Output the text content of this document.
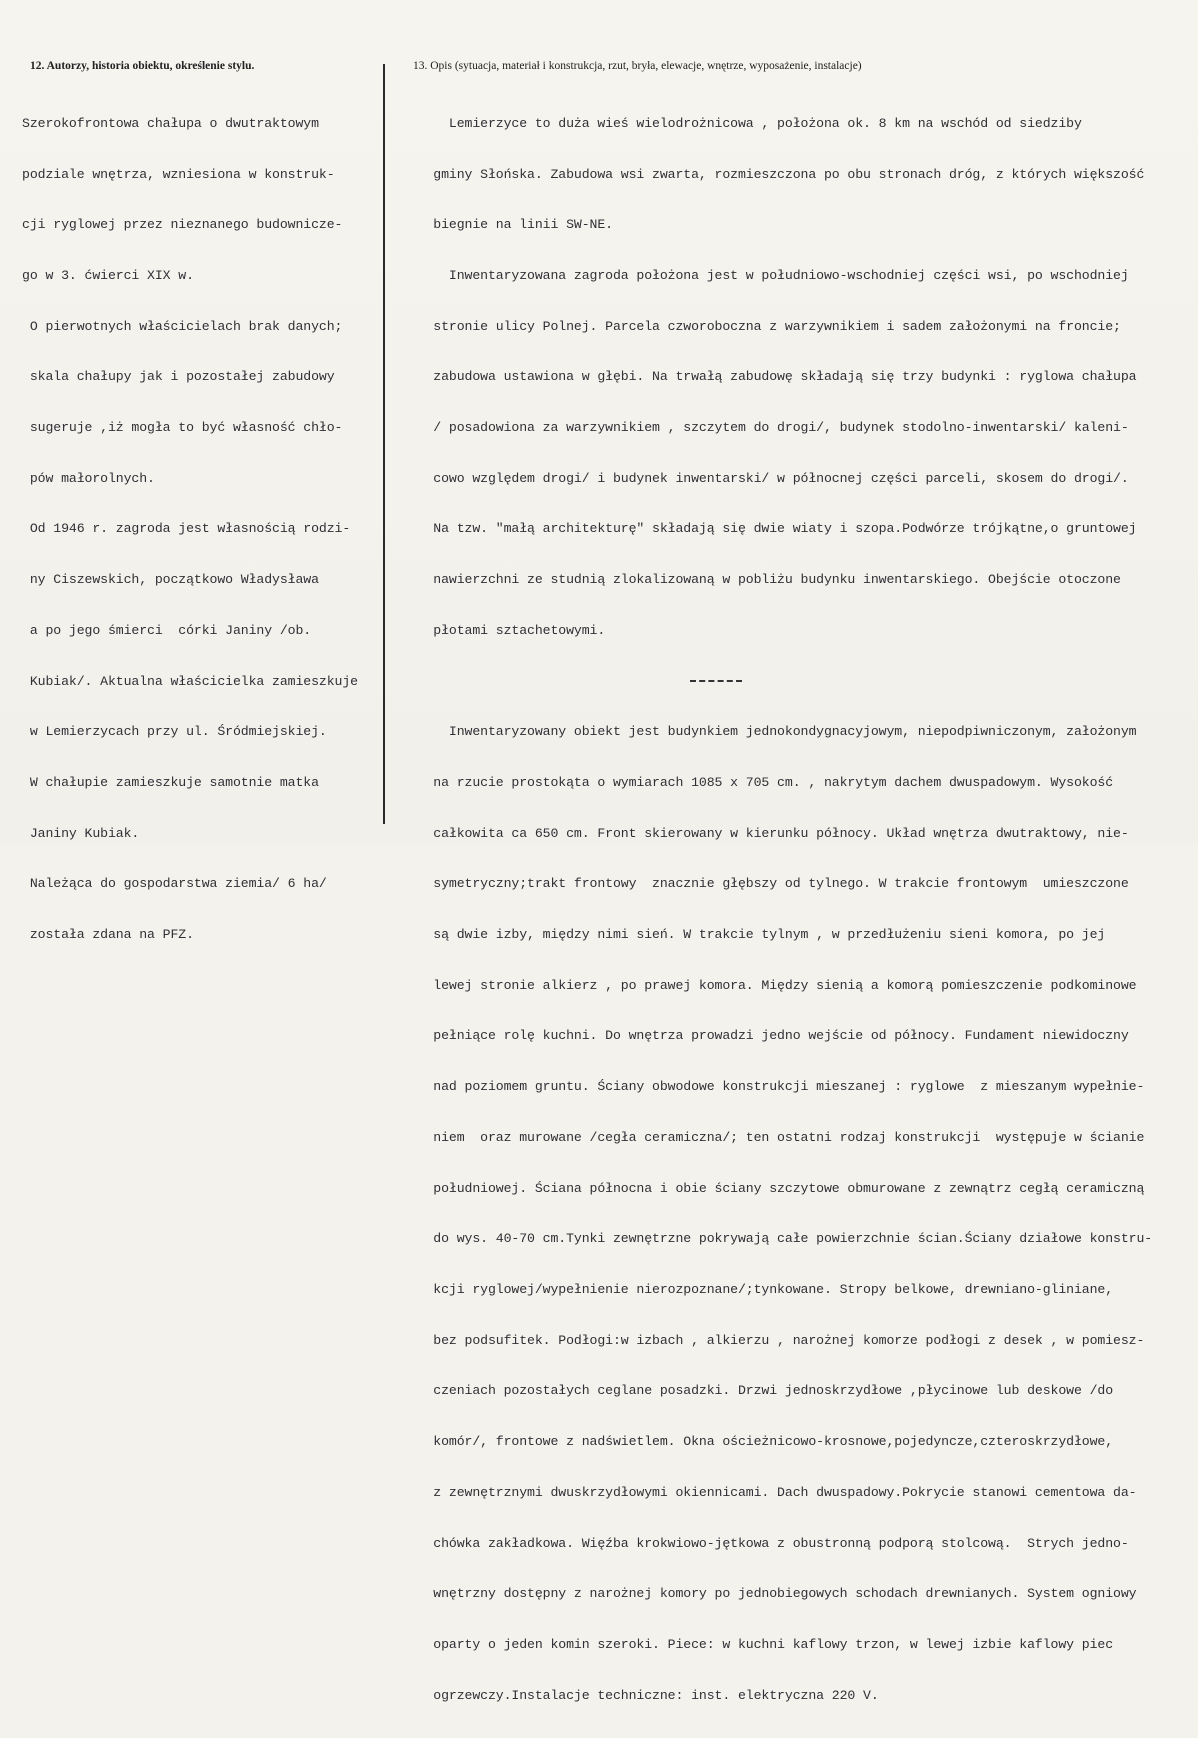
12. Autorzy, historia obiektu, określenie stylu.	13. Opis (sytuacja, materiał i konstrukcja, rzut, bryła, elewacje, wnętrze, wyposażenie, instalacje)

Szerokofrontowa chałupa o dwutraktowym

podziale wnętrza, wzniesiona w konstruk-

cji ryglowej przez nieznanego budownicze-

go w 3. ćwierci XIX w.

O pierwotnych właścicielach brak danych;

skala chałupy jak i pozostałej zabudowy

sugeruje ,iż mogła to być własność chło-

pów małorolnych.

Od 1946 r. zagroda jest własnością rodzi-

ny Ciszewskich, początkowo Władysława

a po jego śmierci  córki Janiny /ob.

Kubiak/. Aktualna właścicielka zamieszkuje

w Lemierzycach przy ul. Śródmiejskiej.

W chałupie zamieszkuje samotnie matka

Janiny Kubiak.

Należąca do gospodarstwa ziemia/ 6 ha/

została zdana na PFZ.

Lemierzyce to duża wieś wielodrożnicowa , położona ok. 8 km na wschód od siedziby

gminy Słońska. Zabudowa wsi zwarta, rozmieszczona po obu stronach dróg, z których większość

biegnie na linii SW-NE.

Inwentaryzowana zagroda położona jest w południowo-wschodniej części wsi, po wschodniej

stronie ulicy Polnej. Parcela czworoboczna z warzywnikiem i sadem założonymi na froncie;

zabudowa ustawiona w głębi. Na trwałą zabudowę składają się trzy budynki : ryglowa chałupa

/ posadowiona za warzywnikiem , szczytem do drogi/, budynek stodolno-inwentarski/ kaleni-

cowo względem drogi/ i budynek inwentarski/ w północnej części parceli, skosem do drogi/.

Na tzw. "małą architekturę" składają się dwie wiaty i szopa.Podwórze trójkątne,o gruntowej

nawierzchni ze studnią zlokalizowaną w pobliżu budynku inwentarskiego. Obejście otoczone

płotami sztachetowymi.

Inwentaryzowany obiekt jest budynkiem jednokondygnacyjowym, niepodpiwniczonym, założonym

na rzucie prostokąta o wymiarach 1085 x 705 cm. , nakrytym dachem dwuspadowym. Wysokość

całkowita ca 650 cm. Front skierowany w kierunku północy. Układ wnętrza dwutraktowy, nie-

symetryczny;trakt frontowy  znacznie głębszy od tylnego. W trakcie frontowym  umieszczone

są dwie izby, między nimi sień. W trakcie tylnym , w przedłużeniu sieni komora, po jej

lewej stronie alkierz , po prawej komora. Między sienią a komorą pomieszczenie podkominowe

pełniące rolę kuchni. Do wnętrza prowadzi jedno wejście od północy. Fundament niewidoczny

nad poziomem gruntu. Ściany obwodowe konstrukcji mieszanej : ryglowe  z mieszanym wypełnie-

niem  oraz murowane /cegła ceramiczna/; ten ostatni rodzaj konstrukcji  występuje w ścianie

południowej. Ściana północna i obie ściany szczytowe obmurowane z zewnątrz cegłą ceramiczną

do wys. 40-70 cm.Tynki zewnętrzne pokrywają całe powierzchnie ścian.Ściany działowe konstru-

kcji ryglowej/wypełnienie nierozpoznane/;tynkowane. Stropy belkowe, drewniano-gliniane,

bez podsufitek. Podłogi:w izbach , alkierzu , narożnej komorze podłogi z desek , w pomiesz-

czeniach pozostałych ceglane posadzki. Drzwi jednoskrzydłowe ,płycinowe lub deskowe /do

komór/, frontowe z nadświetlem. Okna ościeżnicowo-krosnowe,pojedyncze,czteroskrzydłowe,

z zewnętrznymi dwuskrzydłowymi okiennicami. Dach dwuspadowy.Pokrycie stanowi cementowa da-

chówka zakładkowa. Więźba krokwiowo-jętkowa z obustronną podporą stolcową.  Strych jedno-

wnętrzny dostępny z narożnej komory po jednobiegowych schodach drewnianych. System ogniowy

oparty o jeden komin szeroki. Piece: w kuchni kaflowy trzon, w lewej izbie kaflowy piec

ogrzewczy.Instalacje techniczne: inst. elektryczna 220 V.
